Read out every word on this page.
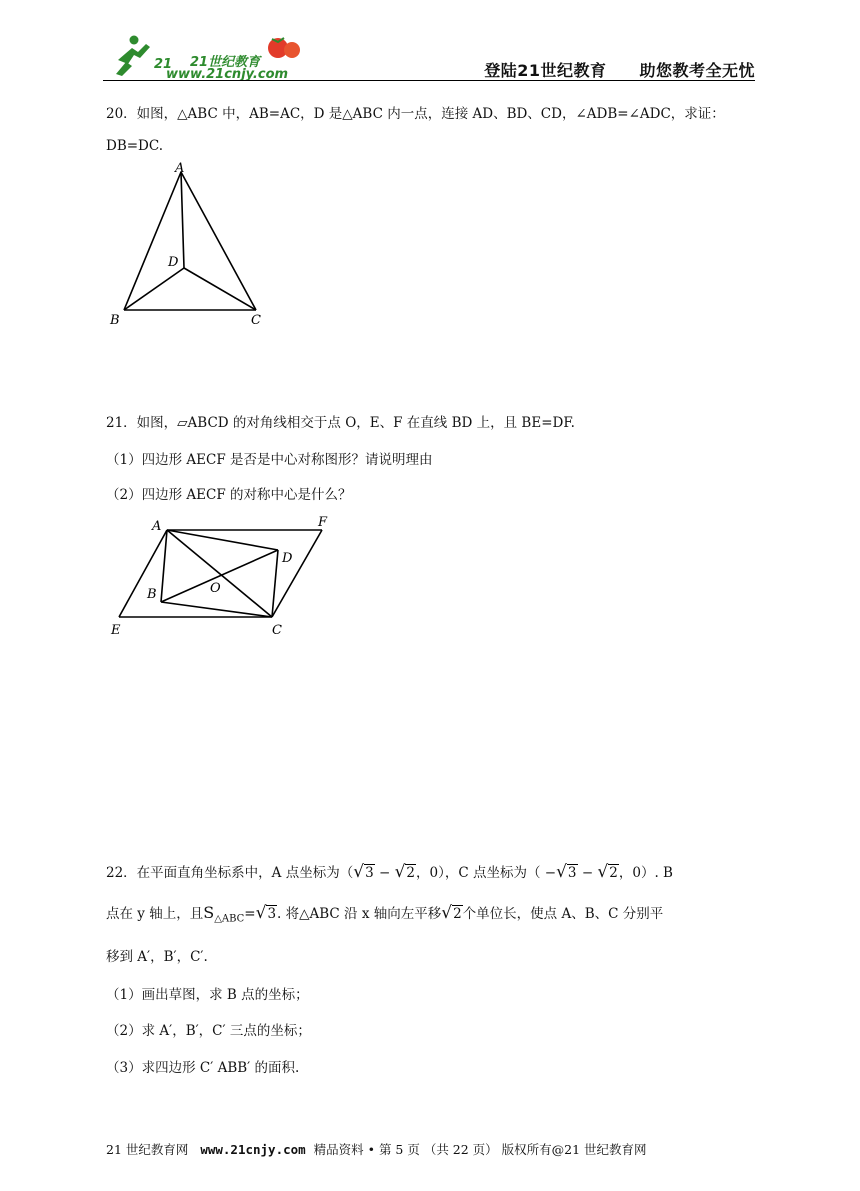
21 21世纪教育
www.21cnjy.com	登陆21世纪教育　　助您教考全无忧
20．如图，△ABC 中，AB=AC，D 是△ABC 内一点，连接 AD、BD、CD，∠ADB=∠ADC，求证：
DB=DC.
A
D
B	C
21．如图，▱ABCD 的对角线相交于点 O，E、F 在直线 BD 上，且 BE=DF.
（1）四边形 AECF 是否是中心对称图形？请说明理由
（2）四边形 AECF 的对称中心是什么？
A	F
D
O
B
E	C
22．在平面直角坐标系中，A 点坐标为（√3 − √2，0），C 点坐标为（ −√3 − √2，0）. B
点在 y 轴上，且$S_{\triangle ABC}=√3$. 将△ABC 沿 x 轴向左平移√2个单位长，使点 A、B、C 分别平
移到 A′，B′，C′.
（1）画出草图，求 B 点的坐标；
（2）求 A′，B′，C′ 三点的坐标；
（3）求四边形 C′ ABB′ 的面积.
21 世纪教育网 www.21cnjy.com 精品资料 • 第 5 页 （共 22 页） 版权所有@21 世纪教育网
